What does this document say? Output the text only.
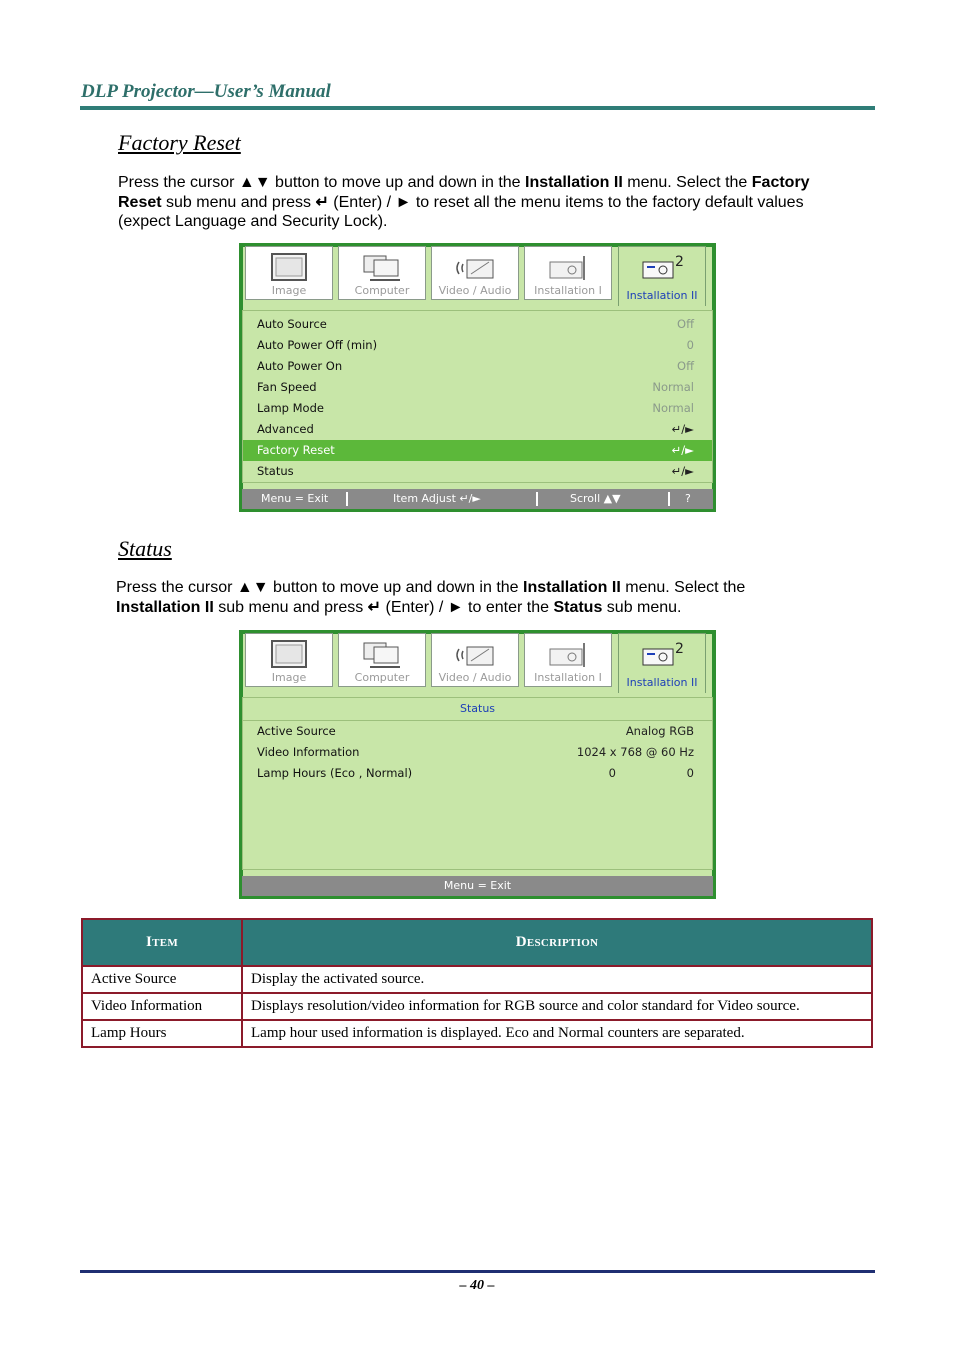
DLP Projector—User’s Manual
Factory Reset
Press the cursor ▲▼ button to move up and down in the Installation II menu. Select the Factory
Reset sub menu and press ↵ (Enter) / ► to reset all the menu items to the factory default values
(expect Language and Security Lock).
Image	Computer	Video / Audio	Installation I
2
Installation II
Auto Source	Off
Auto Power Off (min)	0
Auto Power On	Off
Fan Speed	Normal
Lamp Mode	Normal
Advanced	↵/►
Factory Reset	↵/►
Status	↵/►
Menu = Exit	Item Adjust ↵/►	Scroll ▲▼	?
Status
Press the cursor ▲▼ button to move up and down in the Installation II menu. Select the
Installation II sub menu and press ↵ (Enter) / ► to enter the Status sub menu.
Image	Computer	Video / Audio	Installation I
2
Installation II
Status
Active Source	Analog RGB
Video Information	1024 x 768 @ 60 Hz
Lamp Hours (Eco , Normal)	0	0
Menu = Exit
Item	Description
Active Source	Display the activated source.
Video Information	Displays resolution/video information for RGB source and color standard for Video source.
Lamp Hours	Lamp hour used information is displayed. Eco and Normal counters are separated.
– 40 –
